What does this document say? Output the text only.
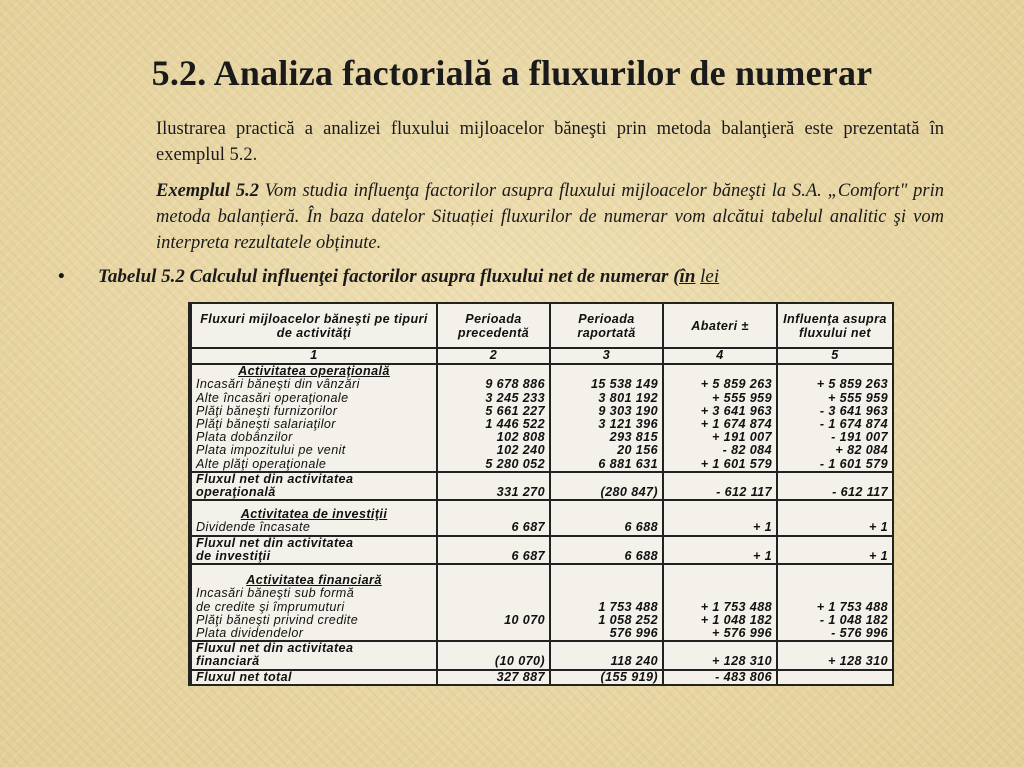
5.2. Analiza factorială a fluxurilor de numerar
Ilustrarea practică a analizei fluxului mijloacelor băneşti prin metoda balanţieră este prezentată în exemplul 5.2.
Exemplul 5.2 Vom studia influenţa factorilor asupra fluxului mijloacelor băneşti la S.A. „Comfort" prin metoda balanțieră. În baza datelor Situației fluxurilor de numerar vom alcătui tabelul analitic şi vom interpreta rezultatele obținute.
• Tabelul 5.2 Calculul influenţei factorilor asupra fluxului net de numerar (în lei
Fluxuri mijloacelor băneşti pe tipuri de activităţi	Perioada precedentă	Perioada raportată	Abateri ±	Influenţa asupra fluxului net
1	2	3	4	5

Activitatea operaţională				

Încasări băneşti din vânzări	9 678 886	15 538 149	+ 5 859 263	+ 5 859 263
Alte încasări operaţionale	3 245 233	3 801 192	+ 555 959	+ 555 959
Plăţi băneşti furnizorilor	5 661 227	9 303 190	+ 3 641 963	- 3 641 963
Plăţi băneşti salariaţilor	1 446 522	3 121 396	+ 1 674 874	- 1 674 874
Plata dobânzilor	102 808	293 815	+ 191 007	- 191 007
Plata impozitului pe venit	102 240	20 156	- 82 084	+ 82 084
Alte plăţi operaţionale	5 280 052	6 881 631	+ 1 601 579	- 1 601 579
Fluxul net din activitatea				
operaţională	331 270	(280 847)	- 612 117	- 612 117

Activitatea de investiţii				

Dividende încasate	6 687	6 688	+ 1	+ 1
Fluxul net din activitatea				
de investiţii	6 687	6 688	+ 1	+ 1

Activitatea financiară				

Încasări băneşti sub formă				
de credite şi împrumuturi		1 753 488	+ 1 753 488	+ 1 753 488
Plăţi băneşti privind credite	10 070	1 058 252	+ 1 048 182	- 1 048 182
Plata dividendelor		576 996	+ 576 996	- 576 996
Fluxul net din activitatea				
financiară	(10 070)	118 240	+ 128 310	+ 128 310
Fluxul net total	327 887	(155 919)	- 483 806	
